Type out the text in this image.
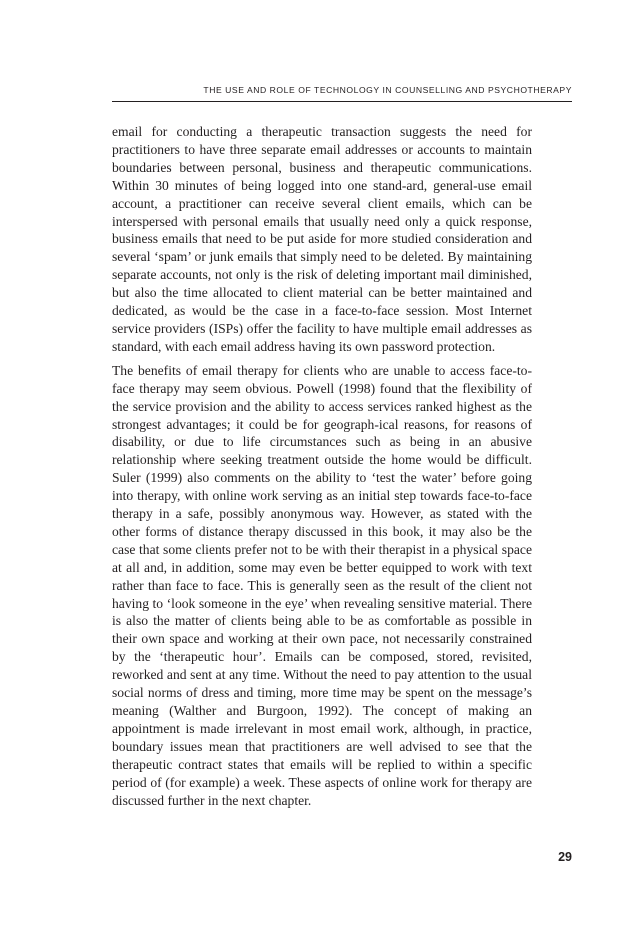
THE USE AND ROLE OF TECHNOLOGY IN COUNSELLING AND PSYCHOTHERAPY

email for conducting a therapeutic transaction suggests the need for practitioners to have three separate email addresses or accounts to maintain boundaries between personal, business and therapeutic communications. Within 30 minutes of being logged into one stand-ard, general-use email account, a practitioner can receive several client emails, which can be interspersed with personal emails that usually need only a quick response, business emails that need to be put aside for more studied consideration and several ‘spam’ or junk emails that simply need to be deleted. By maintaining separate accounts, not only is the risk of deleting important mail diminished, but also the time allocated to client material can be better maintained and dedicated, as would be the case in a face-to-face session. Most Internet service providers (ISPs) offer the facility to have multiple email addresses as standard, with each email address having its own password protection.

The benefits of email therapy for clients who are unable to access face-to-face therapy may seem obvious. Powell (1998) found that the flexibility of the service provision and the ability to access services ranked highest as the strongest advantages; it could be for geograph-ical reasons, for reasons of disability, or due to life circumstances such as being in an abusive relationship where seeking treatment outside the home would be difficult. Suler (1999) also comments on the ability to ‘test the water’ before going into therapy, with online work serving as an initial step towards face-to-face therapy in a safe, possibly anonymous way. However, as stated with the other forms of distance therapy discussed in this book, it may also be the case that some clients prefer not to be with their therapist in a physical space at all and, in addition, some may even be better equipped to work with text rather than face to face. This is generally seen as the result of the client not having to ‘look someone in the eye’ when revealing sensitive material. There is also the matter of clients being able to be as comfortable as possible in their own space and working at their own pace, not necessarily constrained by the ‘therapeutic hour’. Emails can be composed, stored, revisited, reworked and sent at any time. Without the need to pay attention to the usual social norms of dress and timing, more time may be spent on the message’s meaning (Walther and Burgoon, 1992). The concept of making an appointment is made irrelevant in most email work, although, in practice, boundary issues mean that practitioners are well advised to see that the therapeutic contract states that emails will be replied to within a specific period of (for example) a week. These aspects of online work for therapy are discussed further in the next chapter.

29
